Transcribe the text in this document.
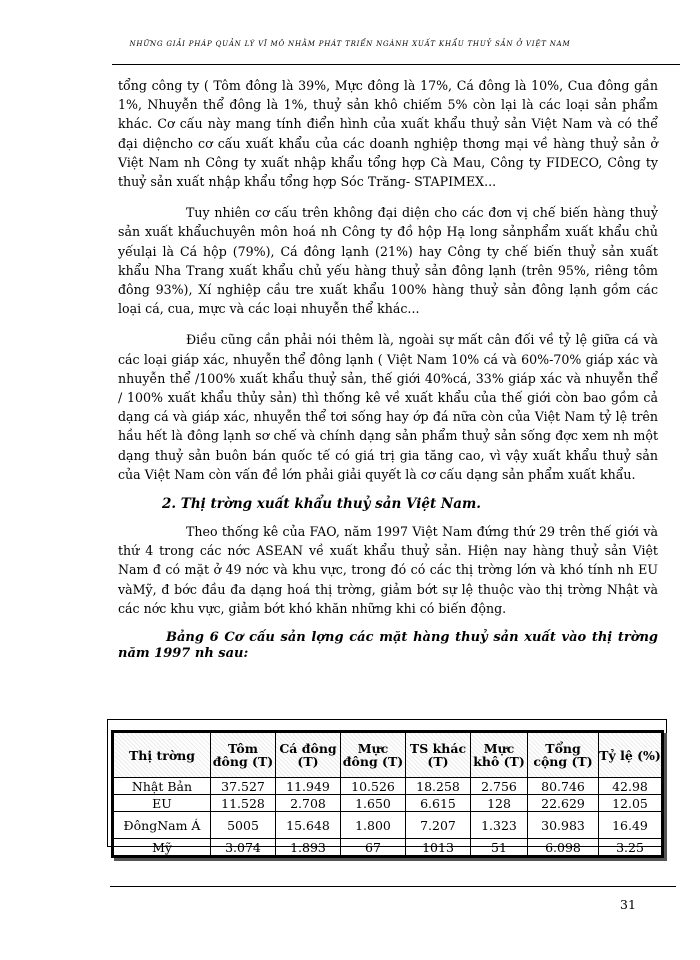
NHỮNG GIẢI PHÁP QUẢN LÝ VĨ MÔ NHẰM PHÁT TRIỂN NGÀNH XUẤT KHẨU THUỶ SẢN Ở VIỆT NAM

tổng công ty ( Tôm đông là 39%, Mực đông là 17%, Cá đông là 10%, Cua đông gần 1%, Nhuyễn thể đông là 1%, thuỷ sản khô chiếm 5% còn lại là các loại sản phẩm khác. Cơ cấu này mang tính điển hình của xuất khẩu thuỷ sản Việt Nam và có thể đại diệncho cơ cấu xuất khẩu của các doanh nghiệp thơng mại về hàng thuỷ sản ở Việt Nam nh Công ty xuất nhập khẩu tổng hợp Cà Mau, Công ty FIDECO, Công ty thuỷ sản xuất nhập khẩu tổng hợp Sóc Trăng- STAPIMEX...

Tuy nhiên cơ cấu trên không đại diện cho các đơn vị chế biến hàng thuỷ sản xuất khẩuchuyên môn hoá nh Công ty đồ hộp Hạ long sảnphẩm xuất khẩu chủ yếulại là Cá hộp (79%), Cá đông lạnh (21%) hay Công ty chế biến thuỷ sản xuất khẩu Nha Trang xuất khẩu chủ yếu hàng thuỷ sản đông lạnh (trên 95%, riêng tôm đông 93%), Xí nghiệp cầu tre xuất khẩu 100% hàng thuỷ sản đông lạnh gồm các loại cá, cua, mực và các loại nhuyễn thể khác...

Điều cũng cần phải nói thêm là, ngoài sự mất cân đối về tỷ lệ giữa cá và các loại giáp xác, nhuyễn thể đông lạnh ( Việt Nam 10% cá và 60%-70% giáp xác và nhuyễn thể /100% xuất khẩu thuỷ sản, thế giới 40%cá, 33% giáp xác và nhuyễn thể / 100% xuất khẩu thủy sản) thì thống kê về xuất khẩu của thế giới còn bao gồm cả dạng cá và giáp xác, nhuyễn thể tơi sống hay ớp đá nữa còn của Việt Nam tỷ lệ trên hầu hết là đông lạnh sơ chế và chính dạng sản phẩm thuỷ sản sống đợc xem nh một dạng thuỷ sản buôn bán quốc tế có giá trị gia tăng cao, vì vậy xuất khẩu thuỷ sản của Việt Nam còn vấn đề lớn phải giải quyết là cơ cấu dạng sản phẩm xuất khẩu.

2. Thị trờng xuất khẩu thuỷ sản Việt Nam.

Theo thống kê của FAO, năm 1997 Việt Nam đứng thứ 29 trên thế giới và thứ 4 trong các nớc ASEAN về xuất khẩu thuỷ sản. Hiện nay hàng thuỷ sản Việt Nam đ có mặt ở 49 nớc và khu vực, trong đó có các thị trờng lớn và khó tính nh EU vàMỹ, đ bớc đầu đa dạng hoá thị trờng, giảm bớt sự lệ thuộc vào thị trờng Nhật và các nớc khu vực, giảm bớt khó khăn những khi có biến động.

Bảng 6 Cơ cấu sản lợng các mặt hàng thuỷ sản xuất vào thị trờng năm 1997 nh sau:
Thị trờng	Tôm đông (T)	Cá đông (T)	Mực đông (T)	TS khác (T)	Mực khô (T)	Tổng cộng (T)	Tỷ lệ (%)
Nhật Bản	37.527	11.949	10.526	18.258	2.756	80.746	42.98
EU	11.528	2.708	1.650	6.615	128	22.629	12.05
ĐôngNam Á	5005	15.648	1.800	7.207	1.323	30.983	16.49
Mỹ	3.074	1.893	67	1013	51	6.098	3.25
31
